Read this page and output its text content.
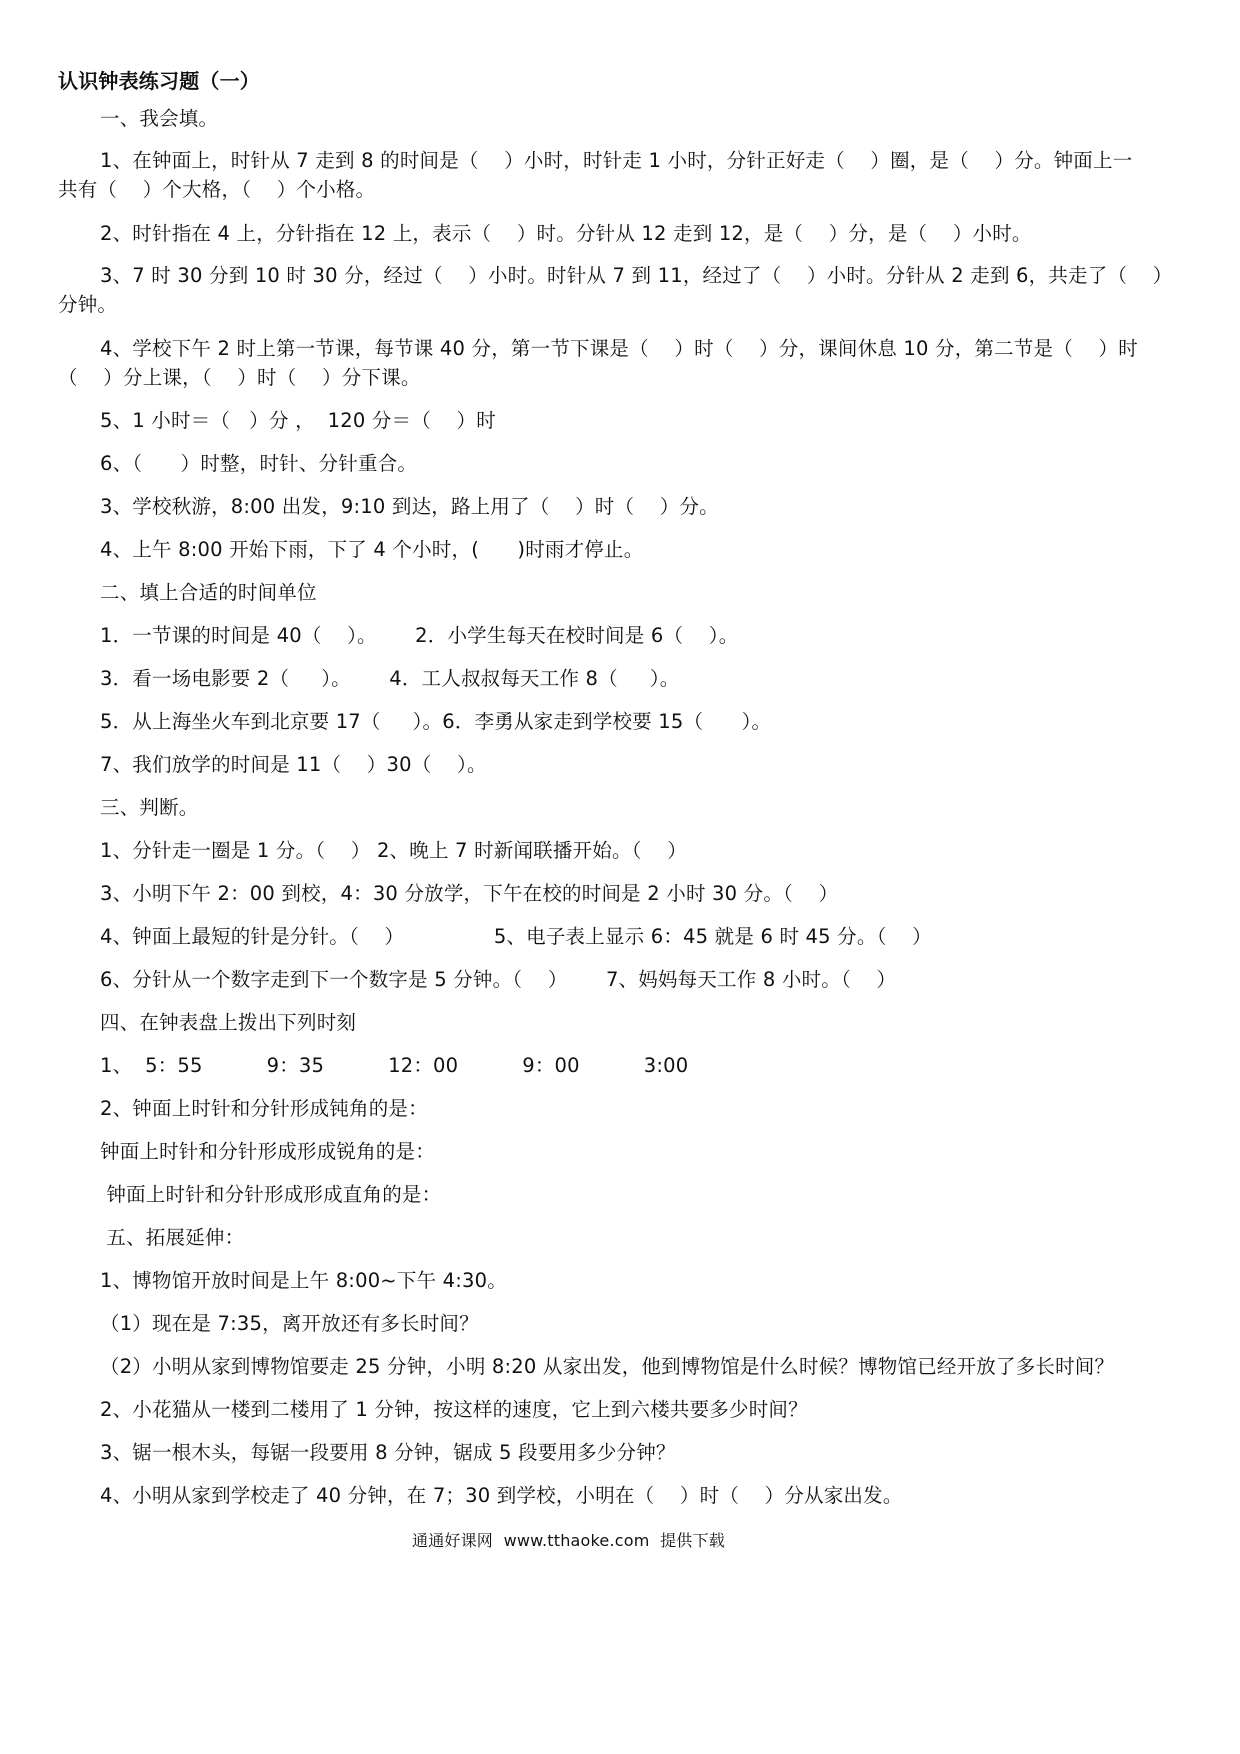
认识钟表练习题（一）
一、我会填。
1、在钟面上，时针从 7 走到 8 的时间是（    ）小时，时针走 1 小时，分针正好走（    ）圈，是（    ）分。钟面上一
共有（    ）个大格，（    ）个小格。
2、时针指在 4 上，分针指在 12 上，表示（    ）时。分针从 12 走到 12，是（    ）分，是（    ）小时。
3、7 时 30 分到 10 时 30 分，经过（    ）小时。时针从 7 到 11，经过了（    ）小时。分针从 2 走到 6，共走了（    ）
分钟。
4、学校下午 2 时上第一节课，每节课 40 分，第一节下课是（    ）时（    ）分，课间休息 10 分，第二节是（    ）时
（    ）分上课，（    ）时（    ）分下课。
5、1 小时＝（   ）分 ，  120 分＝（    ）时
6、（      ）时整，时针、分针重合。
3、学校秋游，8:00 出发，9:10 到达，路上用了（    ）时（    ）分。
4、上午 8:00 开始下雨，下了 4 个小时，(      )时雨才停止。
二、填上合适的时间单位
1．一节课的时间是 40（    ）。      2．小学生每天在校时间是 6（    ）。
3．看一场电影要 2（     ）。      4．工人叔叔每天工作 8（     ）。
5．从上海坐火车到北京要 17（     ）。6．李勇从家走到学校要 15（      ）。
7、我们放学的时间是 11（    ）30（    ）。
三、判断。
1、分针走一圈是 1 分。（    ） 2、晚上 7 时新闻联播开始。（    ）
3、小明下午 2：00 到校，4：30 分放学，下午在校的时间是 2 小时 30 分。（    ）
4、钟面上最短的针是分针。（    ）              5、电子表上显示 6：45 就是 6 时 45 分。（    ）
6、分针从一个数字走到下一个数字是 5 分钟。（    ）      7、妈妈每天工作 8 小时。（    ）
四、在钟表盘上拨出下列时刻
1、  5：55          9：35          12：00          9：00          3:00
2、钟面上时针和分针形成钝角的是：
钟面上时针和分针形成形成锐角的是：
钟面上时针和分针形成形成直角的是：
五、拓展延伸：
1、博物馆开放时间是上午 8:00~下午 4:30。
（1）现在是 7:35，离开放还有多长时间？
（2）小明从家到博物馆要走 25 分钟，小明 8:20 从家出发，他到博物馆是什么时候？博物馆已经开放了多长时间？
2、小花猫从一楼到二楼用了 1 分钟，按这样的速度，它上到六楼共要多少时间？
3、锯一根木头，每锯一段要用 8 分钟，锯成 5 段要用多少分钟？
4、小明从家到学校走了 40 分钟，在 7；30 到学校，小明在（    ）时（    ）分从家出发。
通通好课网  www.tthaoke.com  提供下载
